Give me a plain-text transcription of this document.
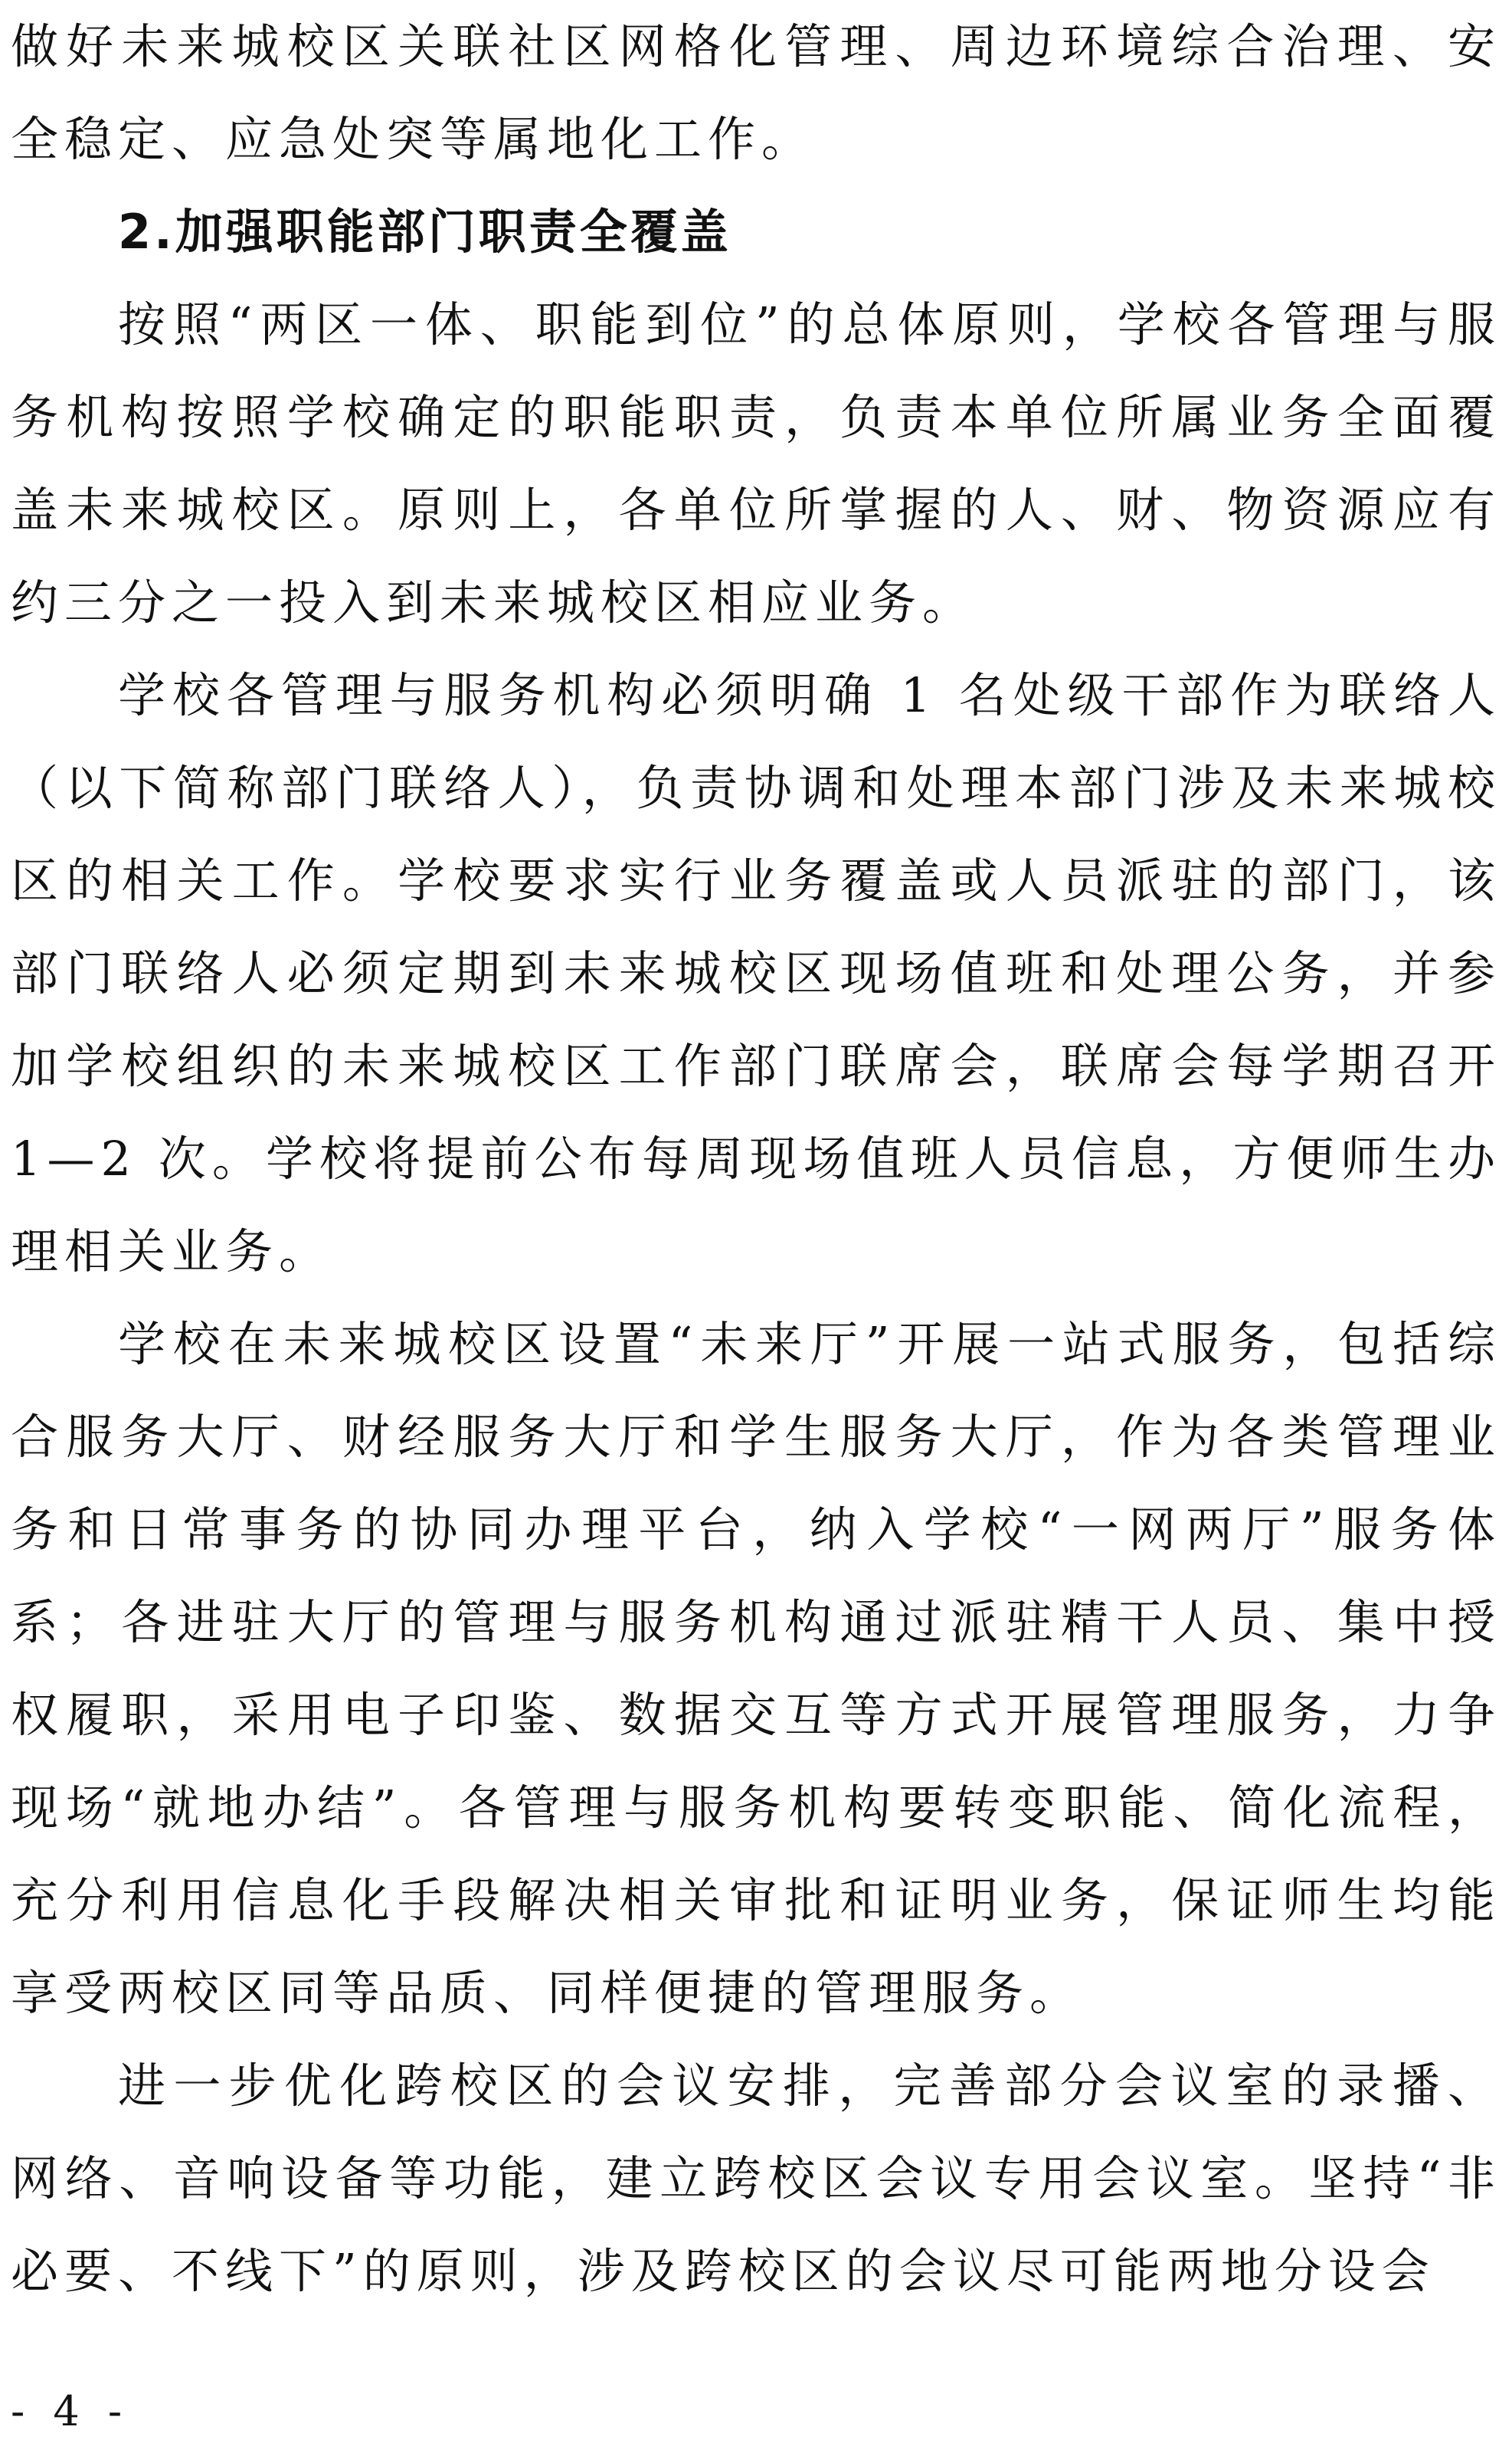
做好未来城校区关联社区网格化管理、周边环境综合治理、安全稳定、应急处突等属地化工作。

2.加强职能部门职责全覆盖

按照“两区一体、职能到位”的总体原则，学校各管理与服务机构按照学校确定的职能职责，负责本单位所属业务全面覆盖未来城校区。原则上，各单位所掌握的人、财、物资源应有约三分之一投入到未来城校区相应业务。

学校各管理与服务机构必须明确 1 名处级干部作为联络人（以下简称部门联络人），负责协调和处理本部门涉及未来城校区的相关工作。学校要求实行业务覆盖或人员派驻的部门，该部门联络人必须定期到未来城校区现场值班和处理公务，并参加学校组织的未来城校区工作部门联席会，联席会每学期召开 1—2 次。学校将提前公布每周现场值班人员信息，方便师生办理相关业务。

学校在未来城校区设置“未来厅”开展一站式服务，包括综合服务大厅、财经服务大厅和学生服务大厅，作为各类管理业务和日常事务的协同办理平台，纳入学校“一网两厅”服务体系；各进驻大厅的管理与服务机构通过派驻精干人员、集中授权履职，采用电子印鉴、数据交互等方式开展管理服务，力争现场“就地办结”。各管理与服务机构要转变职能、简化流程，充分利用信息化手段解决相关审批和证明业务，保证师生均能享受两校区同等品质、同样便捷的管理服务。

进一步优化跨校区的会议安排，完善部分会议室的录播、网络、音响设备等功能，建立跨校区会议专用会议室。坚持“非必要、不线下”的原则，涉及跨校区的会议尽可能两地分设会

- 4 -
